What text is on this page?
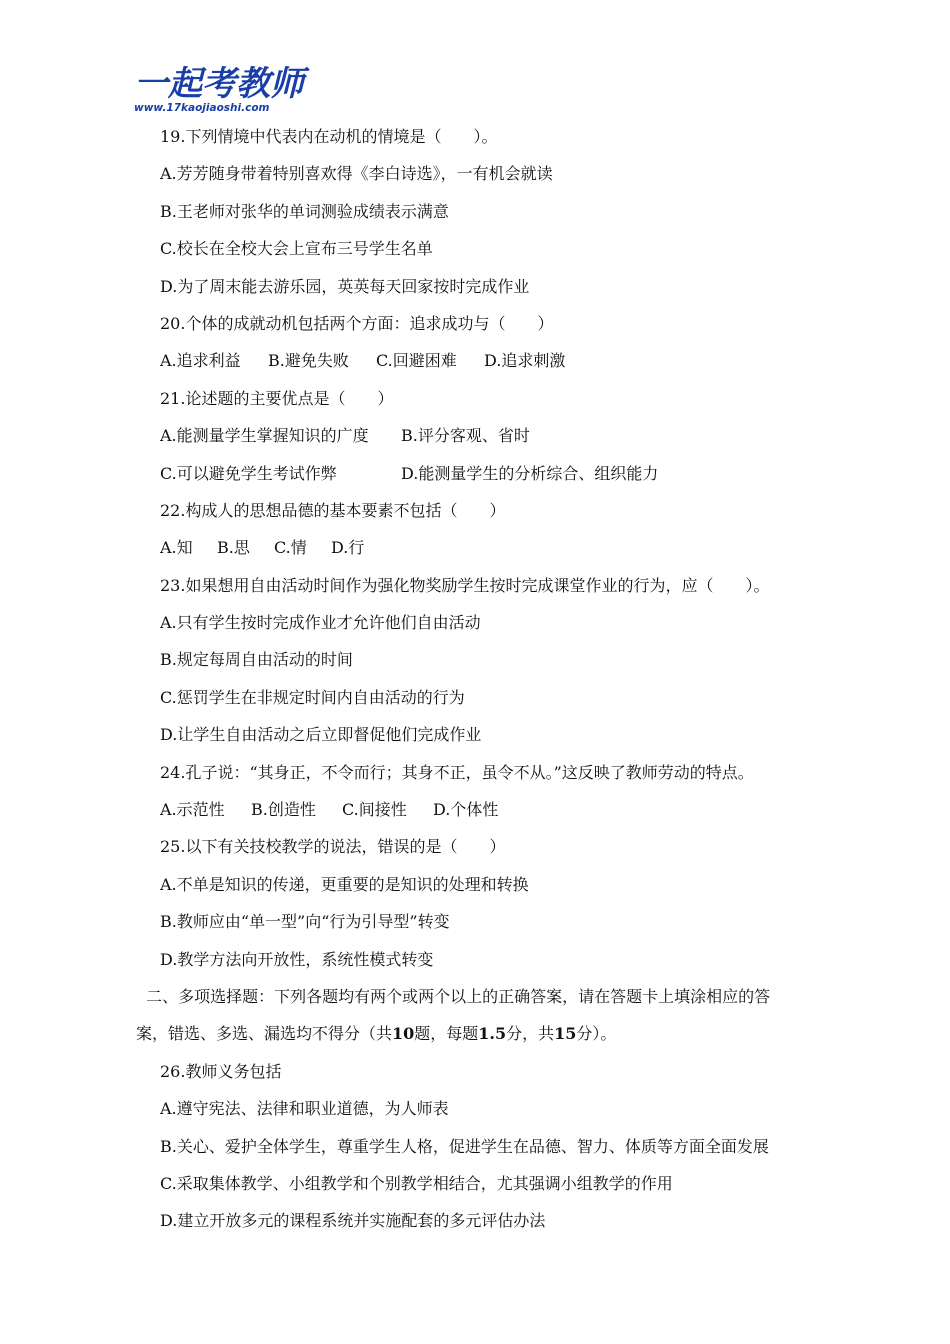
一起考教师
www.17kaojiaoshi.com
19.下列情境中代表内在动机的情境是（　　）。
A.芳芳随身带着特别喜欢得《李白诗选》，一有机会就读
B.王老师对张华的单词测验成绩表示满意
C.校长在全校大会上宣布三号学生名单
D.为了周末能去游乐园，英英每天回家按时完成作业
20.个体的成就动机包括两个方面：追求成功与（　　）
A.追求利益	B.避免失败	C.回避困难	D.追求刺激
21.论述题的主要优点是（　　）
A.能测量学生掌握知识的广度	B.评分客观、省时
C.可以避免学生考试作弊	D.能测量学生的分析综合、组织能力
22.构成人的思想品德的基本要素不包括（　　）
A.知	B.思	C.情	D.行
23.如果想用自由活动时间作为强化物奖励学生按时完成课堂作业的行为，应（　　）。
A.只有学生按时完成作业才允许他们自由活动
B.规定每周自由活动的时间
C.惩罚学生在非规定时间内自由活动的行为
D.让学生自由活动之后立即督促他们完成作业
24.孔子说：“其身正，不令而行；其身不正，虽令不从。”这反映了教师劳动的特点。
A.示范性	B.创造性	C.间接性	D.个体性
25.以下有关技校教学的说法，错误的是（　　）
A.不单是知识的传递，更重要的是知识的处理和转换
B.教师应由“单一型”向“行为引导型”转变
D.教学方法向开放性，系统性模式转变
二、多项选择题：下列各题均有两个或两个以上的正确答案，请在答题卡上填涂相应的答
案，错选、多选、漏选均不得分（共10题，每题1.5分，共15分）。
26.教师义务包括
A.遵守宪法、法律和职业道德，为人师表
B.关心、爱护全体学生，尊重学生人格，促进学生在品德、智力、体质等方面全面发展
C.采取集体教学、小组教学和个别教学相结合，尤其强调小组教学的作用
D.建立开放多元的课程系统并实施配套的多元评估办法
